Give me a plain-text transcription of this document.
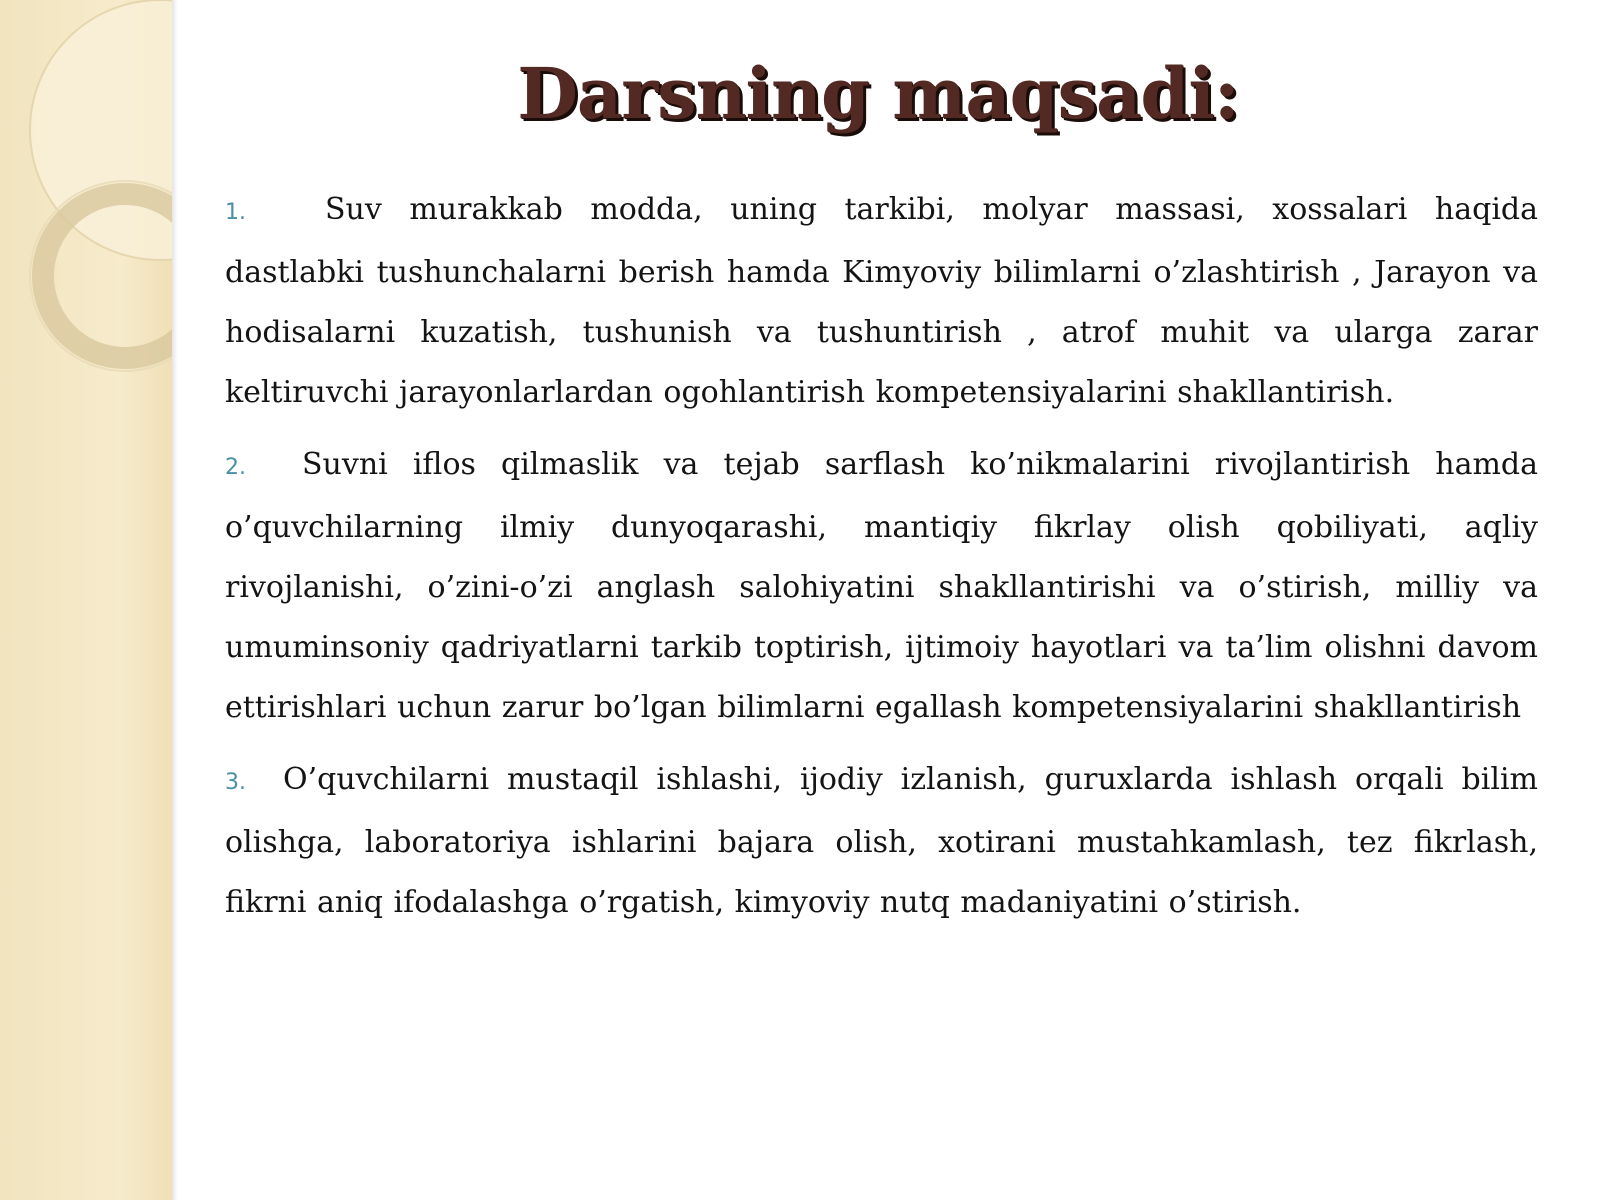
Darsning maqsadi:
1.	Suv murakkab modda, uning tarkibi, molyar massasi, xossalari haqida dastlabki tushunchalarni berish hamda Kimyoviy bilimlarni o’zlashtirish , Jarayon va hodisalarni kuzatish, tushunish va tushuntirish , atrof muhit va ularga zarar keltiruvchi jarayonlarlardan ogohlantirish kompetensiyalarini shakllantirish.
2. Suvni iflos qilmaslik va tejab sarflash ko’nikmalarini rivojlantirish hamda o’quvchilarning ilmiy dunyoqarashi, mantiqiy fikrlay olish qobiliyati, aqliy rivojlanishi, o’zini-o’zi anglash salohiyatini shakllantirishi va o’stirish, milliy va umuminsoniy qadriyatlarni tarkib toptirish, ijtimoiy hayotlari va ta’lim olishni davom ettirishlari uchun zarur bo’lgan bilimlarni egallash kompetensiyalarini shakllantirish
3. O’quvchilarni mustaqil ishlashi, ijodiy izlanish, guruxlarda ishlash orqali bilim olishga, laboratoriya ishlarini bajara olish, xotirani mustahkamlash, tez fikrlash, fikrni aniq ifodalashga o’rgatish, kimyoviy nutq madaniyatini o’stirish.
